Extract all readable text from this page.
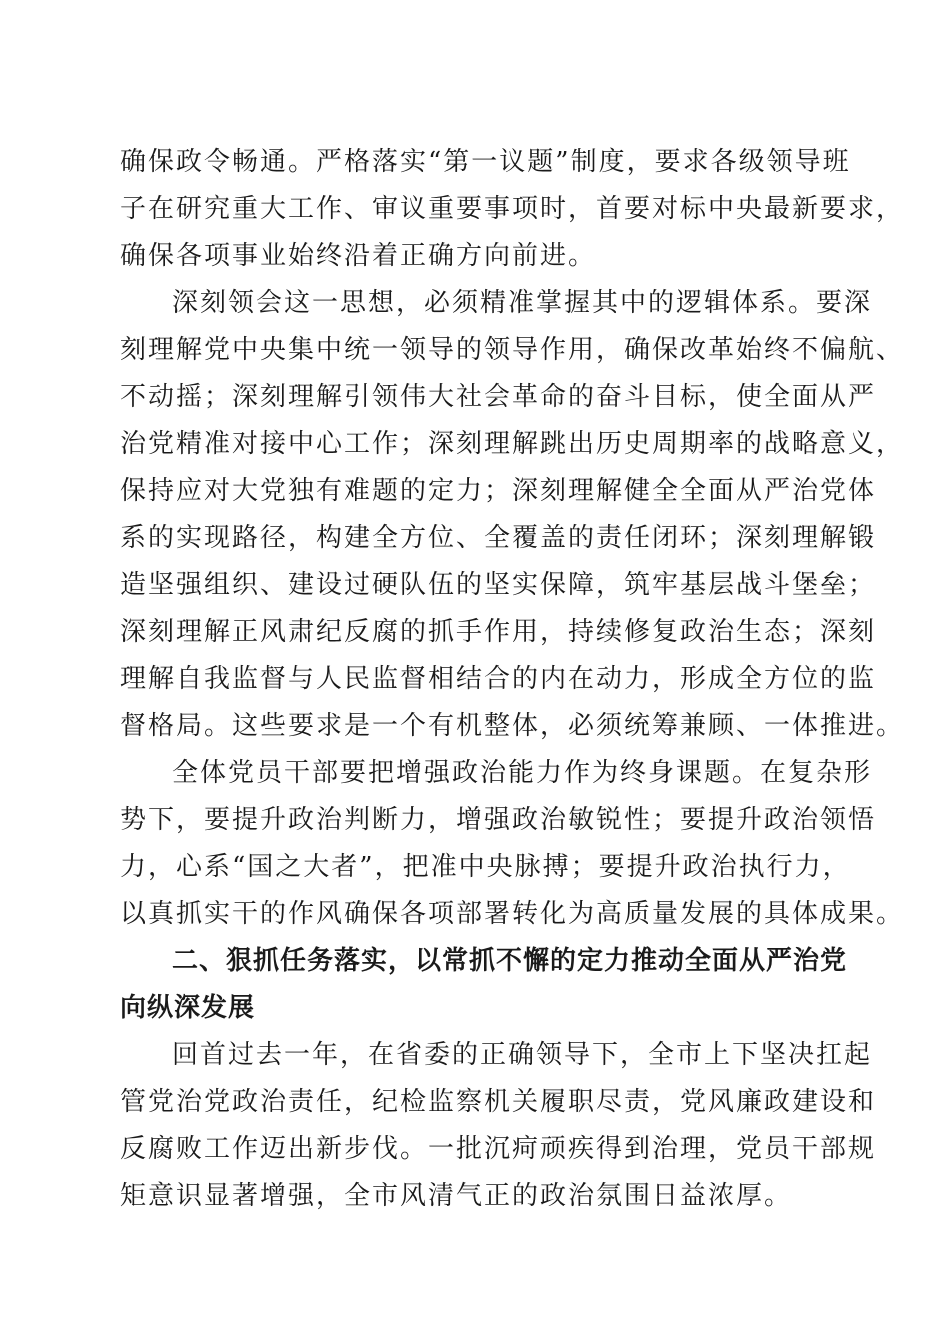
确保政令畅通。严格落实“第一议题”制度，要求各级领导班
子在研究重大工作、审议重要事项时，首要对标中央最新要求，
确保各项事业始终沿着正确方向前进。
深刻领会这一思想，必须精准掌握其中的逻辑体系。要深
刻理解党中央集中统一领导的领导作用，确保改革始终不偏航、
不动摇；深刻理解引领伟大社会革命的奋斗目标，使全面从严
治党精准对接中心工作；深刻理解跳出历史周期率的战略意义，
保持应对大党独有难题的定力；深刻理解健全全面从严治党体
系的实现路径，构建全方位、全覆盖的责任闭环；深刻理解锻
造坚强组织、建设过硬队伍的坚实保障，筑牢基层战斗堡垒；
深刻理解正风肃纪反腐的抓手作用，持续修复政治生态；深刻
理解自我监督与人民监督相结合的内在动力，形成全方位的监
督格局。这些要求是一个有机整体，必须统筹兼顾、一体推进。
全体党员干部要把增强政治能力作为终身课题。在复杂形
势下，要提升政治判断力，增强政治敏锐性；要提升政治领悟
力，心系“国之大者”，把准中央脉搏；要提升政治执行力，
以真抓实干的作风确保各项部署转化为高质量发展的具体成果。
二、狠抓任务落实，以常抓不懈的定力推动全面从严治党
向纵深发展
回首过去一年，在省委的正确领导下，全市上下坚决扛起
管党治党政治责任，纪检监察机关履职尽责，党风廉政建设和
反腐败工作迈出新步伐。一批沉疴顽疾得到治理，党员干部规
矩意识显著增强，全市风清气正的政治氛围日益浓厚。
